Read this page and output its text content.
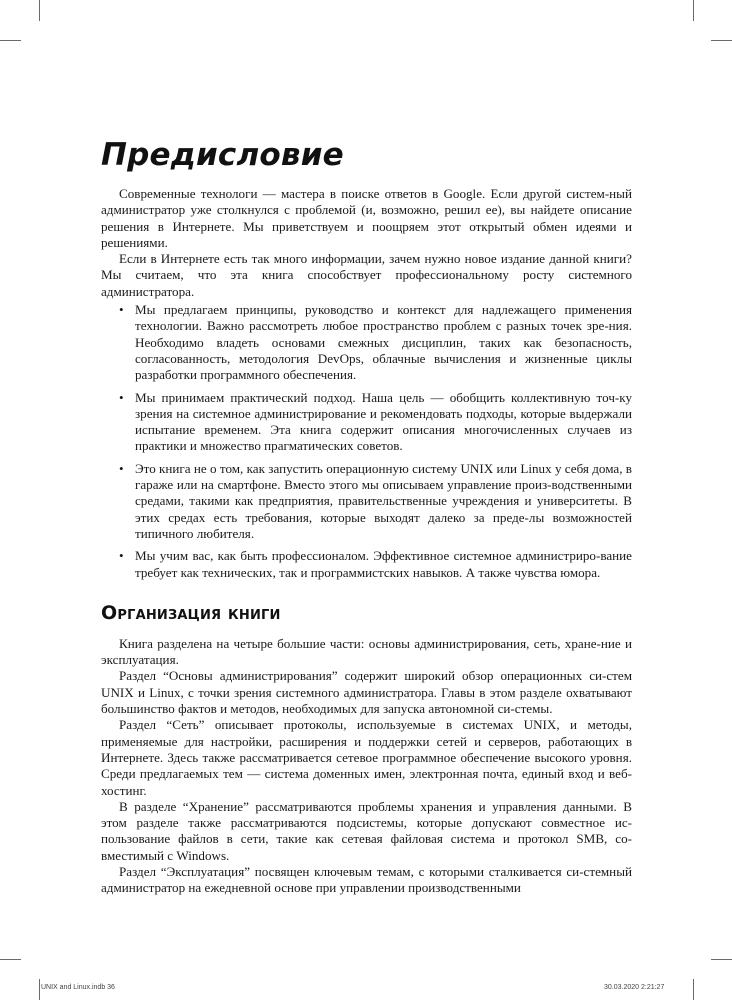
Предисловие

Современные технологи — мастера в поиске ответов в Google. Если другой систем-ный администратор уже столкнулся с проблемой (и, возможно, решил ее), вы найдете описание решения в Интернете. Мы приветствуем и поощряем этот открытый обмен идеями и решениями.

Если в Интернете есть так много информации, зачем нужно новое издание данной книги? Мы считаем, что эта книга способствует профессиональному росту системного администратора.

• Мы предлагаем принципы, руководство и контекст для надлежащего применения технологии. Важно рассмотреть любое пространство проблем с разных точек зре-ния. Необходимо владеть основами смежных дисциплин, таких как безопасность, согласованность, методология DevOps, облачные вычисления и жизненные циклы разработки программного обеспечения.
• Мы принимаем практический подход. Наша цель — обобщить коллективную точ-ку зрения на системное администрирование и рекомендовать подходы, которые выдержали испытание временем. Эта книга содержит описания многочисленных случаев из практики и множество прагматических советов.
• Это книга не о том, как запустить операционную систему UNIX или Linux у себя дома, в гараже или на смартфоне. Вместо этого мы описываем управление произ-водственными средами, такими как предприятия, правительственные учреждения и университеты. В этих средах есть требования, которые выходят далеко за преде-лы возможностей типичного любителя.
• Мы учим вас, как быть профессионалом. Эффективное системное администриро-вание требует как технических, так и программистских навыков. А также чувства юмора.
Организация книги

Книга разделена на четыре большие части: основы администрирования, сеть, хране-ние и эксплуатация.

Раздел “Основы администрирования” содержит широкий обзор операционных си-стем UNIX и Linux, с точки зрения системного администратора. Главы в этом разделе охватывают большинство фактов и методов, необходимых для запуска автономной си-стемы.

Раздел “Сеть” описывает протоколы, используемые в системах UNIX, и методы, применяемые для настройки, расширения и поддержки сетей и серверов, работающих в Интернете. Здесь также рассматривается сетевое программное обеспечение высокого уровня. Среди предлагаемых тем — система доменных имен, электронная почта, единый вход и веб-хостинг.

В разделе “Хранение” рассматриваются проблемы хранения и управления данными. В этом разделе также рассматриваются подсистемы, которые допускают совместное ис-пользование файлов в сети, такие как сетевая файловая система и протокол SMB, со-вместимый с Windows.

Раздел “Эксплуатация” посвящен ключевым темам, с которыми сталкивается си-стемный администратор на ежедневной основе при управлении производственными

UNIX and Linux.indb 36	30.03.2020 2:21:27
